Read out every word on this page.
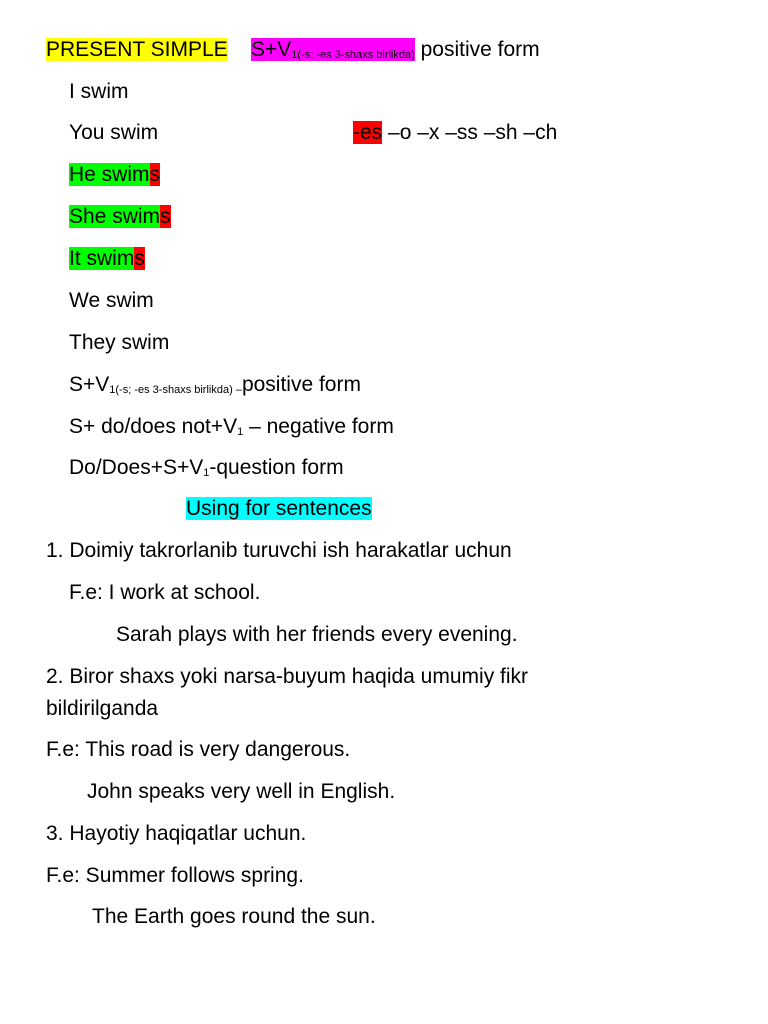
PRESENT SIMPLE $S+V_{1(-s; -es 3-shaxs birlikda)}$ positive form
I swim
You swim	-es –o –x –ss –sh –ch
He swims
She swims
It swims
We swim
They swim
$S+V_{1(-s; -es 3-shaxs birlikda) -}positive$ form
S+ do/does $not+V_1$ – negative form
$Do/Does+S+V_1$-question form
Using for sentences
1. Doimiy takrorlanib turuvchi ish harakatlar uchun
F.e: I work at school.
Sarah plays with her friends every evening.
2. Biror shaxs yoki narsa-buyum haqida umumiy fikr
bildirilganda
F.e: This road is very dangerous.
John speaks very well in English.
3. Hayotiy haqiqatlar uchun.
F.e: Summer follows spring.
The Earth goes round the sun.
